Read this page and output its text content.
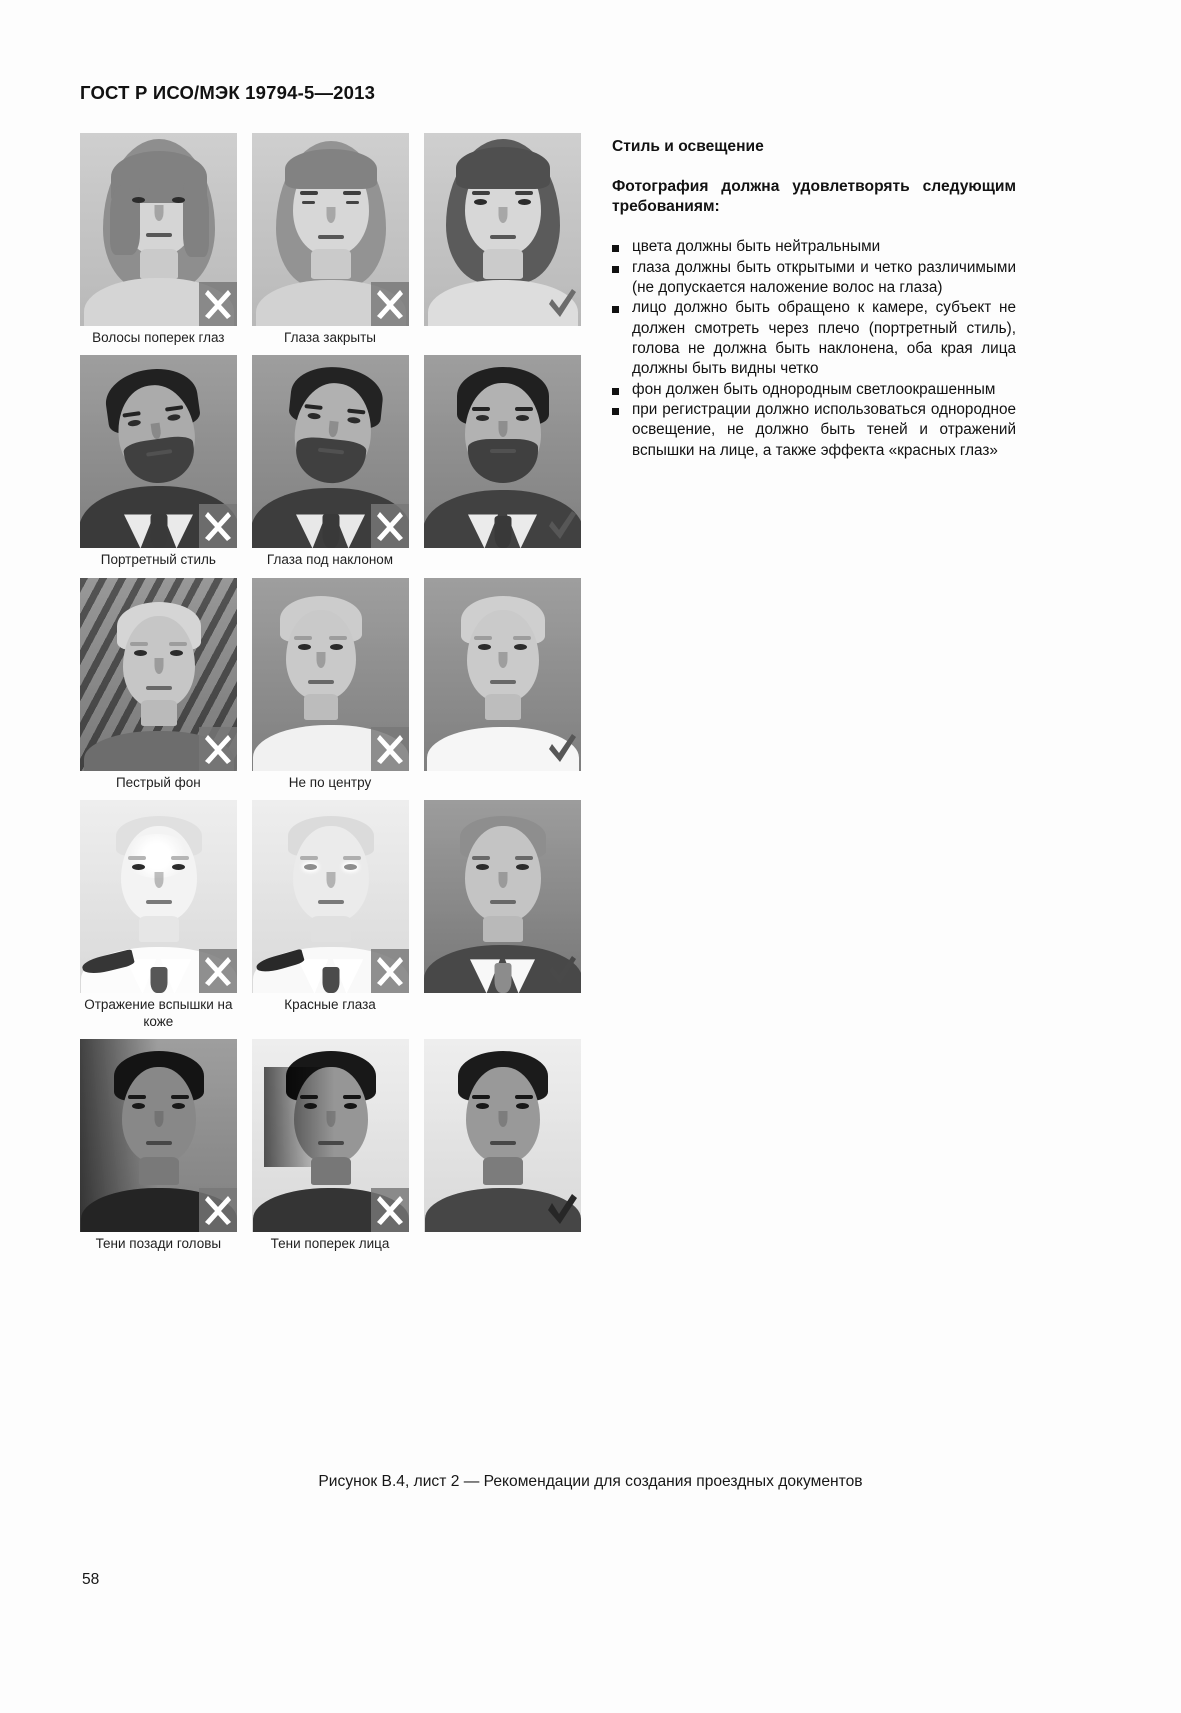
ГОСТ Р ИСО/МЭК 19794-5—2013
Волосы поперек глаз	Глаза закрыты
Портретный стиль	Глаза под наклоном
Пестрый фон	Не по центру
Отражение вспышки на коже
Красные глаза
Тени позади головы	Тени поперек лица
Стиль и освещение

Фотография должна удовлетворять следующим требованиям:

цвета должны быть нейтральными
глаза должны быть открытыми и четко различимыми (не допускается наложение волос на глаза)
лицо должно быть обращено к камере, субъект не должен смотреть через плечо (портретный стиль), голова не должна быть наклонена, оба края лица должны быть видны четко
фон должен быть однородным светлоокрашенным
при регистрации должно использоваться однородное освещение, не должно быть теней и отражений вспышки на лице, а также эффекта «красных глаз»
Рисунок В.4, лист 2 — Рекомендации для создания проездных документов
58
